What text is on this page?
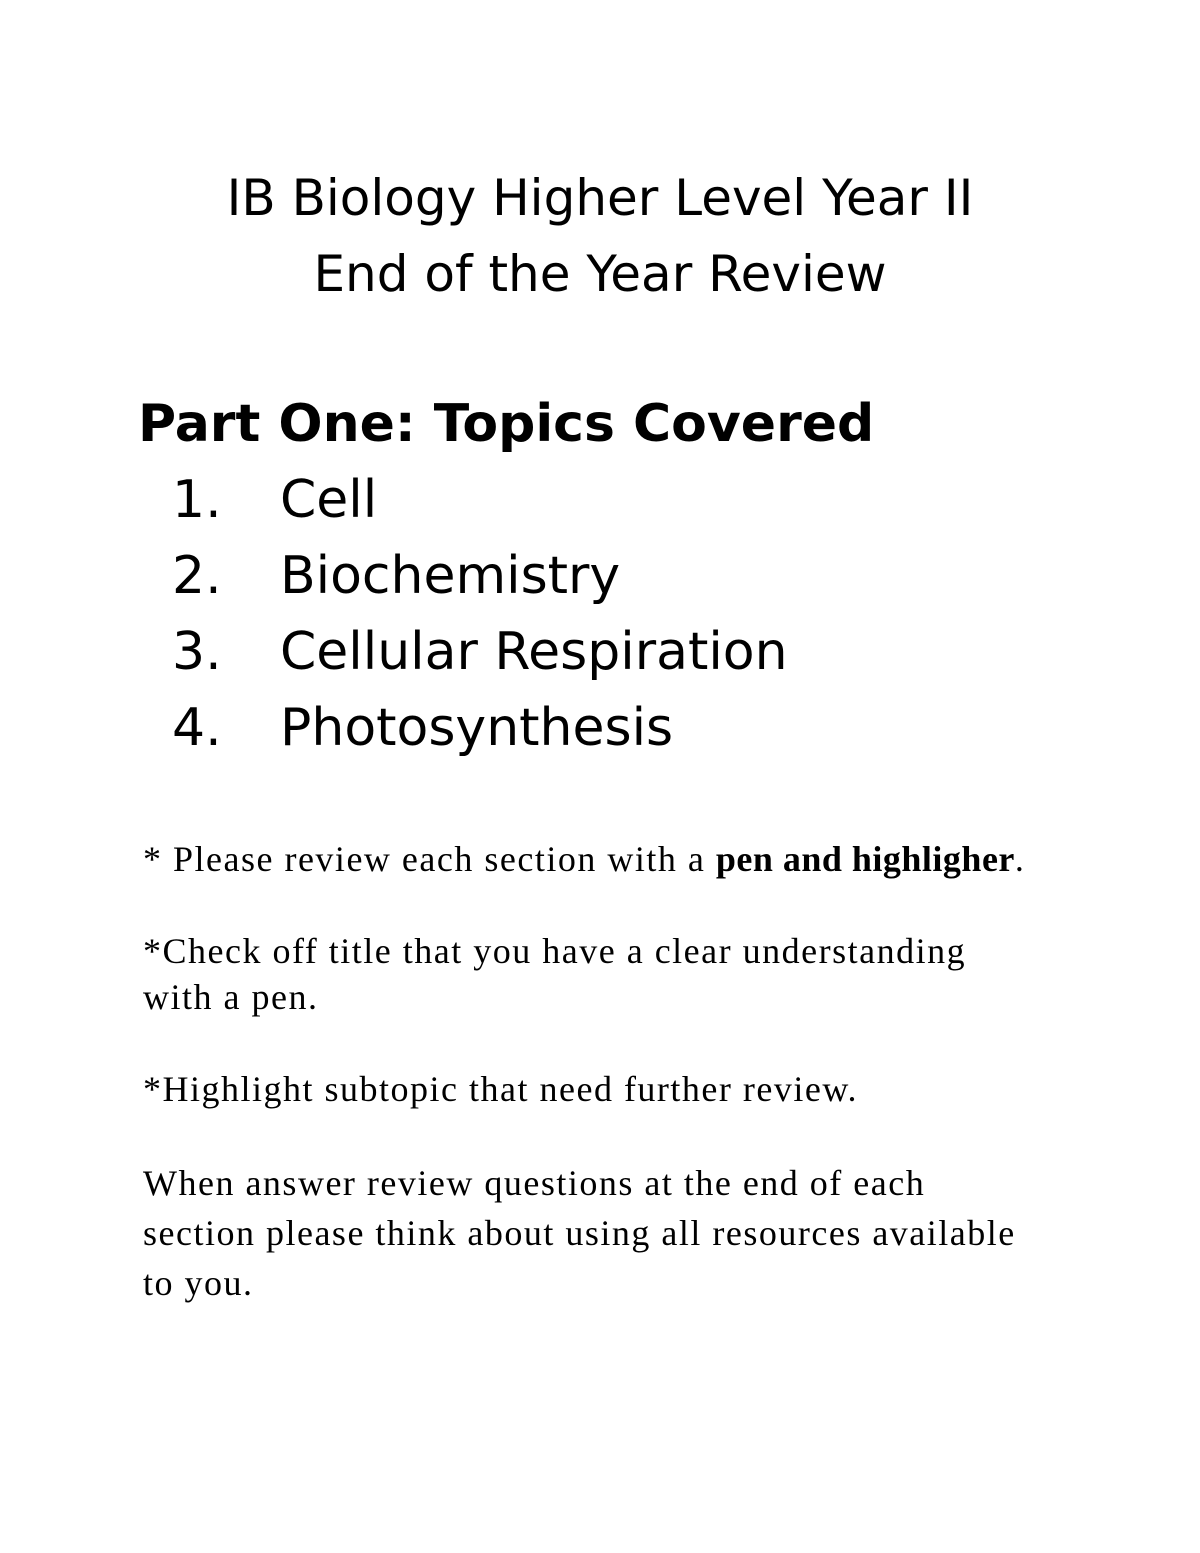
IB Biology Higher Level Year II
End of the Year Review
Part One: Topics Covered
1. Cell
2. Biochemistry
3. Cellular Respiration
4. Photosynthesis

* Please review each section with a pen and highligher.

*Check off title that you have a clear understanding with a pen.

*Highlight subtopic that need further review.

When answer review questions at the end of each section please think about using all resources available to you.
